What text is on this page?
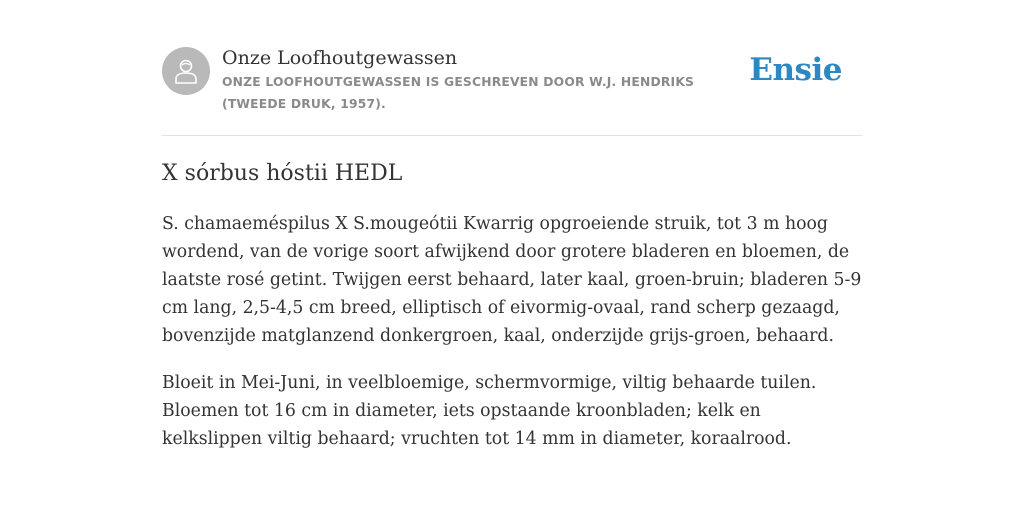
Onze Loofhoutgewassen
ONZE LOOFHOUTGEWASSEN IS GESCHREVEN DOOR W.J. HENDRIKS (TWEEDE DRUK, 1957).
Ensie
X sórbus hóstii HEDL

S. chamaeméspilus X S.mougeótii Kwarrig opgroeiende struik, tot 3 m hoog wordend, van de vorige soort afwijkend door grotere bladeren en bloemen, de laatste rosé getint. Twijgen eerst behaard, later kaal, groen-bruin; bladeren 5-9 cm lang, 2,5-4,5 cm breed, elliptisch of eivormig-ovaal, rand scherp gezaagd, bovenzijde matglanzend donkergroen, kaal, onderzijde grijs-groen, behaard.

Bloeit in Mei-Juni, in veelbloemige, schermvormige, viltig behaarde tuilen. Bloemen tot 16 cm in diameter, iets opstaande kroonbladen; kelk en kelkslippen viltig behaard; vruchten tot 14 mm in diameter, koraalrood.
